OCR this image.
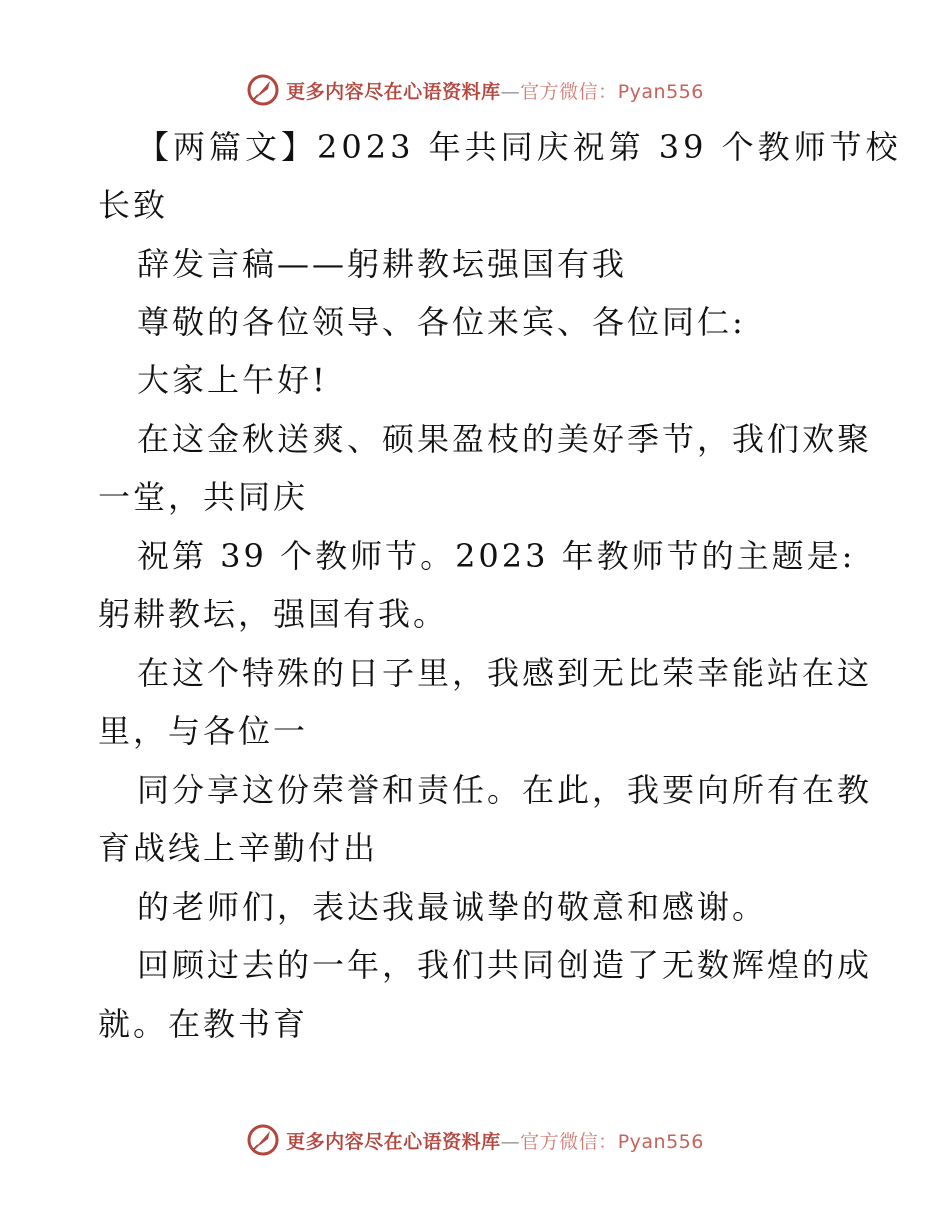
更多内容尽在心语资料库—官方微信：Pyan556
【两篇文】2023 年共同庆祝第 39 个教师节校
长致
辞发言稿——躬耕教坛强国有我
尊敬的各位领导、各位来宾、各位同仁:
大家上午好!
在这金秋送爽、硕果盈枝的美好季节，我们欢聚
一堂，共同庆
祝第 39 个教师节。2023 年教师节的主题是:
躬耕教坛，强国有我。
在这个特殊的日子里，我感到无比荣幸能站在这
里，与各位一
同分享这份荣誉和责任。在此，我要向所有在教
育战线上辛勤付出
的老师们，表达我最诚挚的敬意和感谢。
回顾过去的一年，我们共同创造了无数辉煌的成
就。在教书育
更多内容尽在心语资料库—官方微信：Pyan556
